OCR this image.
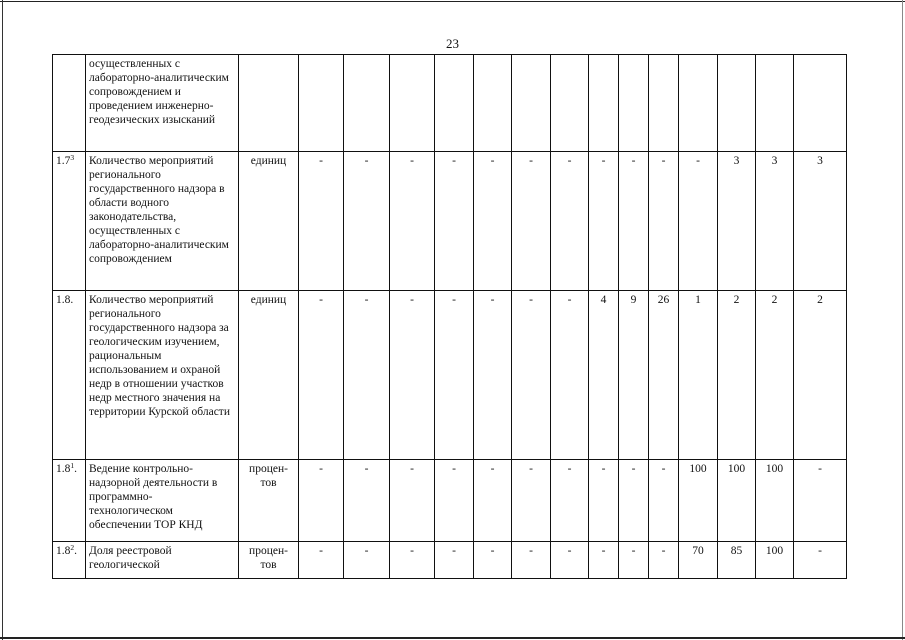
23
	осуществленных с лабораторно-аналитическим сопровождением и проведением инженерно-геодезических изысканий															
$1.7^3$	Количество мероприятий регионального государственного надзора в области водного законодательства, осуществленных с лабораторно-аналитическим сопровождением	единиц	-	-	-	-	-	-	-	-	-	-	-	3	3	3
1.8.	Количество мероприятий регионального государственного надзора за геологическим изучением, рациональным использованием и охраной недр в отношении участков недр местного значения на территории Курской области	единиц	-	-	-	-	-	-	-	4	9	26	1	2	2	2
$1.8^1$.	Ведение контрольно-надзорной деятельности в программно-технологическом обеспечении ТОР КНД	процен-тов	-	-	-	-	-	-	-	-	-	-	100	100	100	-
$1.8^2$.	Доля реестровой геологической	процен-тов	-	-	-	-	-	-	-	-	-	-	70	85	100	-
